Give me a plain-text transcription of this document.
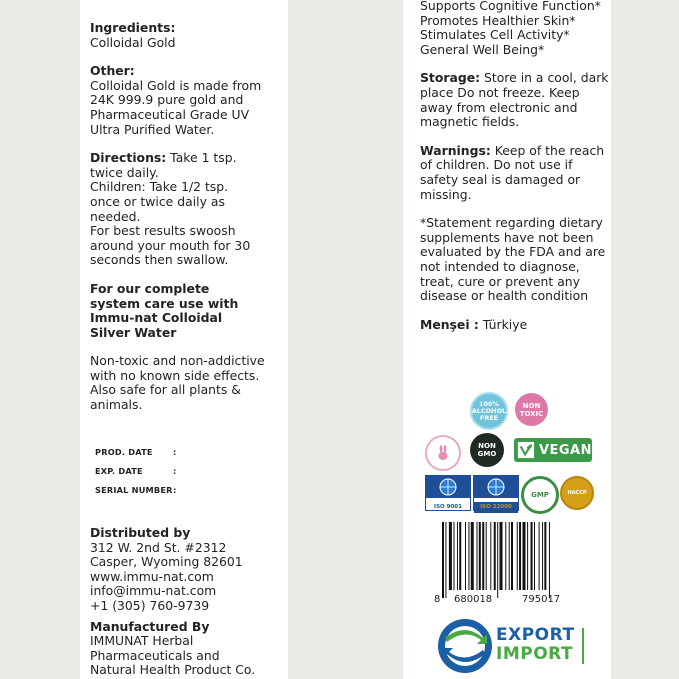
Ingredients:

Colloidal Gold

Other:

Colloidal Gold is made from

24K 999.9 pure gold and

Pharmaceutical Grade UV

Ultra Purified Water.

Directions: Take 1 tsp.

twice daily.

Children: Take 1/2 tsp.

once or twice daily as

needed.

For best results swoosh

around your mouth for 30

seconds then swallow.

For our complete

system care use with

Immu-nat Colloidal

Silver Water

Non-toxic and non-addictive

with no known side effects.

Also safe for all plants &

animals.

PROD. DATE :

EXP. DATE	:

SERIAL NUMBER:

Distributed by

312 W. 2nd St. #2312

Casper, Wyoming 82601

www.immu-nat.com

info@immu-nat.com

+1 (305) 760-9739

Manufactured By

IMMUNAT Herbal

Pharmaceuticals and

Natural Health Product Co.

Supports Cognitive Function*

Promotes Healthier Skin*

Stimulates Cell Activity*

General Well Being*

Storage: Store in a cool, dark

place Do not freeze. Keep

away from electronic and

magnetic fields.

Warnings: Keep of the reach

of children. Do not use if

safety seal is damaged or

missing.

*Statement regarding dietary

supplements have not been

evaluated by the FDA and are

not intended to diagnose,

treat, cure or prevent any

disease or health condition

Menşei : Türkiye

100%
ALCOHOL
FREE
NON
TOXIC
NON
GMO	VEGAN
ISO 9001	ISO 22000
GMP	HACCP
8 680018	795017
EXPORT
IMPORT
